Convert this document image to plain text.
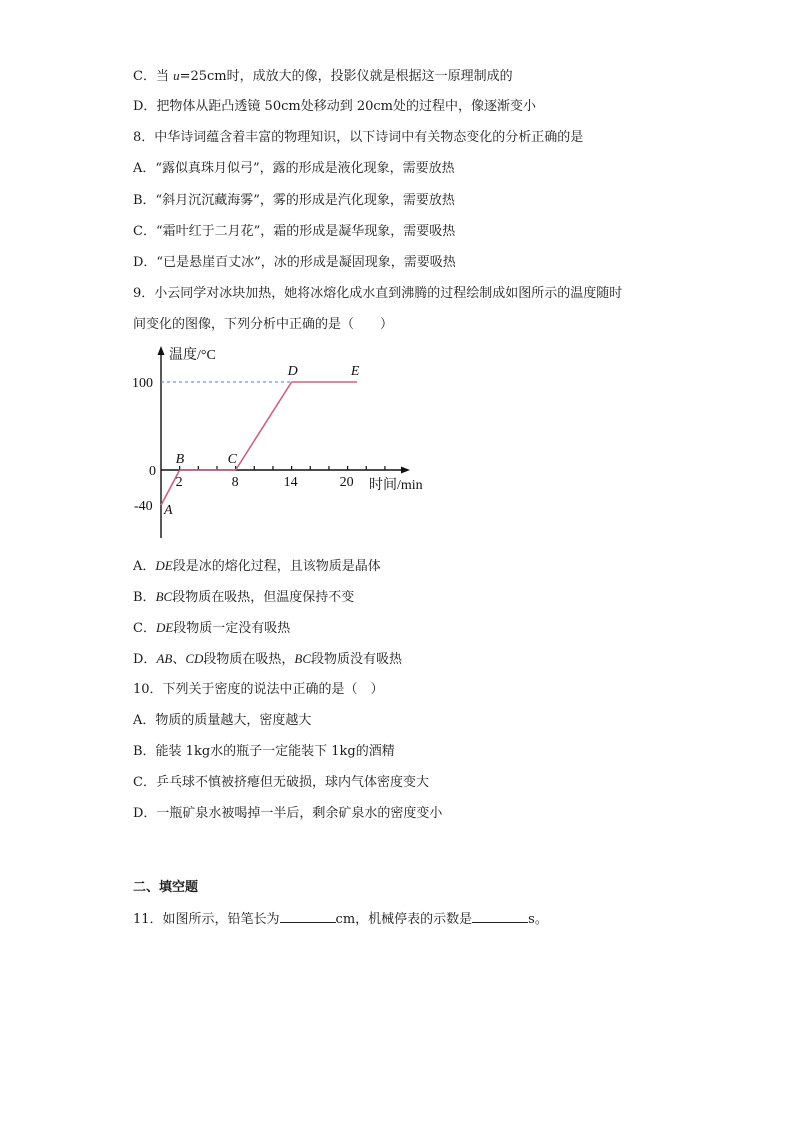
C．当 u=25cm时，成放大的像，投影仪就是根据这一原理制成的
D．把物体从距凸透镜 50cm处移动到 20cm处的过程中，像逐渐变小
8．中华诗词蕴含着丰富的物理知识，以下诗词中有关物态变化的分析正确的是
A．“露似真珠月似弓”，露的形成是液化现象，需要放热
B．“斜月沉沉藏海雾”，雾的形成是汽化现象，需要放热
C．“霜叶红于二月花”，霜的形成是凝华现象，需要吸热
D．“已是悬崖百丈冰”，冰的形成是凝固现象，需要吸热
9．小云同学对冰块加热，她将冰熔化成水直到沸腾的过程绘制成如图所示的温度随时
间变化的图像，下列分析中正确的是（　　）
温度/°C
时间/min
2	8	14	20
100
0
-40 A
B	C
D	E
A．DE段是冰的熔化过程，且该物质是晶体
B．BC段物质在吸热，但温度保持不变
C．DE段物质一定没有吸热
D．AB、CD段物质在吸热，BC段物质没有吸热
10．下列关于密度的说法中正确的是（　）
A．物质的质量越大，密度越大
B．能装 1kg水的瓶子一定能装下 1kg的酒精
C．乒乓球不慎被挤瘪但无破损，球内气体密度变大
D．一瓶矿泉水被喝掉一半后，剩余矿泉水的密度变小
二、填空题
11．如图所示，铅笔长为	cm，机械停表的示数是	s。
